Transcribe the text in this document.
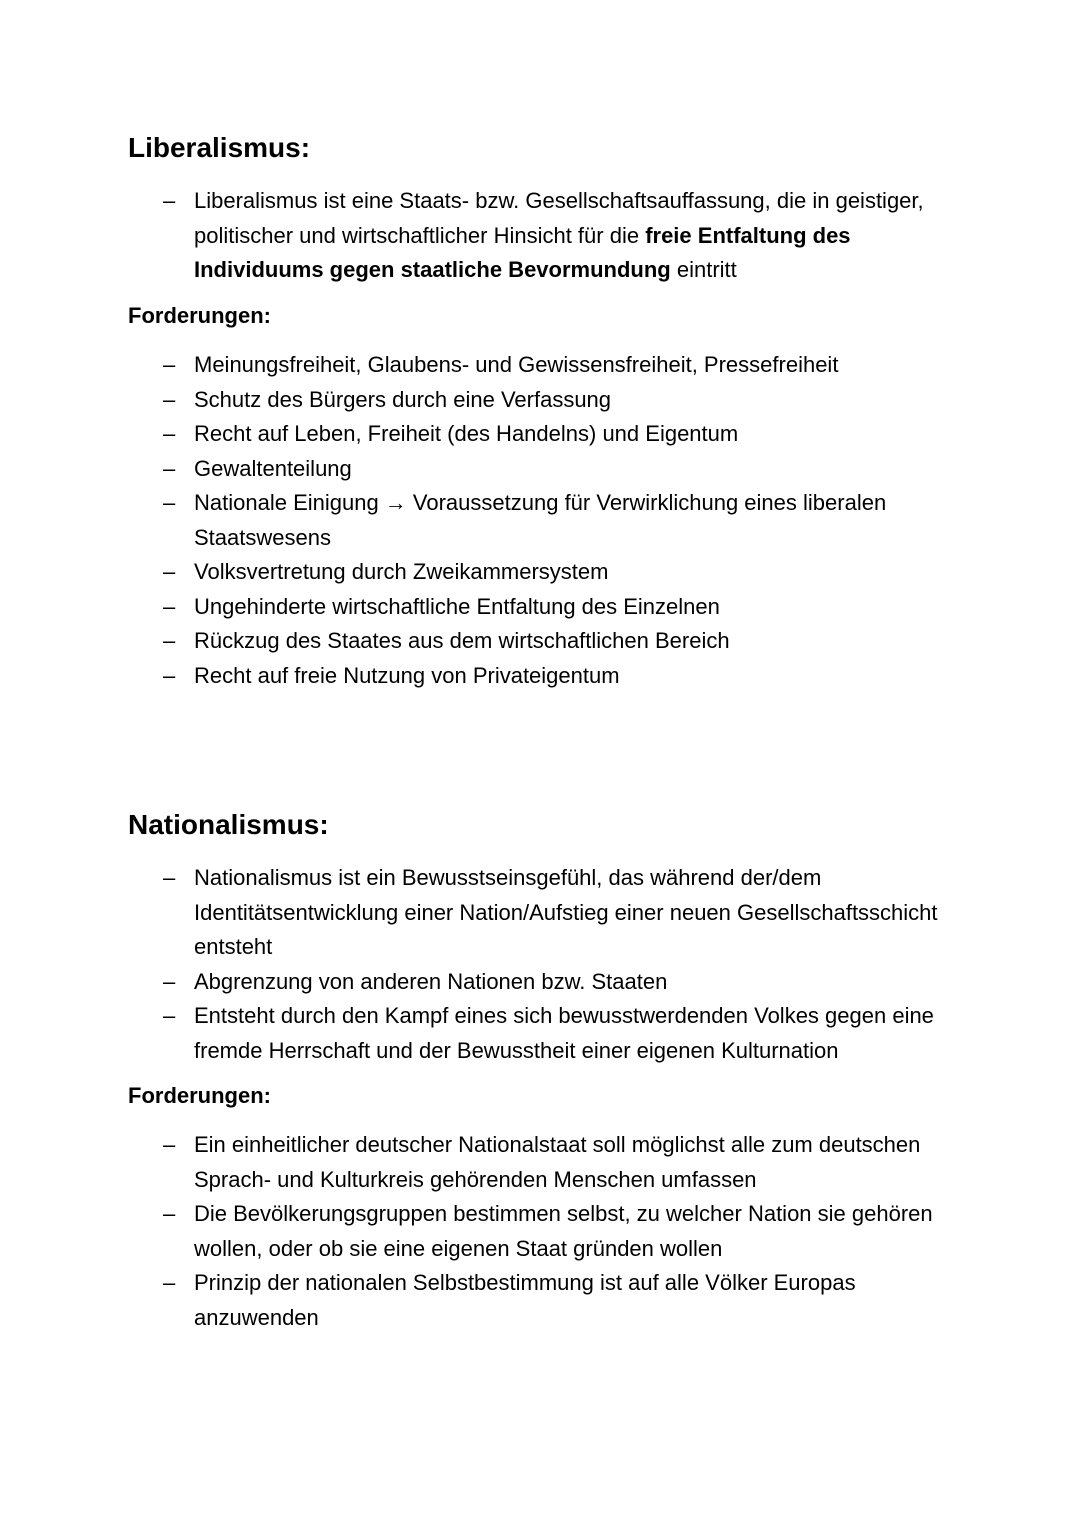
Liberalismus:
– Liberalismus ist eine Staats- bzw. Gesellschaftsauffassung, die in geistiger, politischer und wirtschaftlicher Hinsicht für die freie Entfaltung des Individuums gegen staatliche Bevormundung eintritt
Forderungen:
– Meinungsfreiheit, Glaubens- und Gewissensfreiheit, Pressefreiheit
– Schutz des Bürgers durch eine Verfassung
– Recht auf Leben, Freiheit (des Handelns) und Eigentum
– Gewaltenteilung
– Nationale Einigung → Voraussetzung für Verwirklichung eines liberalen Staatswesens
– Volksvertretung durch Zweikammersystem
– Ungehinderte wirtschaftliche Entfaltung des Einzelnen
– Rückzug des Staates aus dem wirtschaftlichen Bereich
– Recht auf freie Nutzung von Privateigentum
Nationalismus:
– Nationalismus ist ein Bewusstseinsgefühl, das während der/dem Identitätsentwicklung einer Nation/Aufstieg einer neuen Gesellschaftsschicht entsteht
– Abgrenzung von anderen Nationen bzw. Staaten
– Entsteht durch den Kampf eines sich bewusstwerdenden Volkes gegen eine fremde Herrschaft und der Bewusstheit einer eigenen Kulturnation
Forderungen:
– Ein einheitlicher deutscher Nationalstaat soll möglichst alle zum deutschen Sprach- und Kulturkreis gehörenden Menschen umfassen
– Die Bevölkerungsgruppen bestimmen selbst, zu welcher Nation sie gehören wollen, oder ob sie eine eigenen Staat gründen wollen
– Prinzip der nationalen Selbstbestimmung ist auf alle Völker Europas anzuwenden
